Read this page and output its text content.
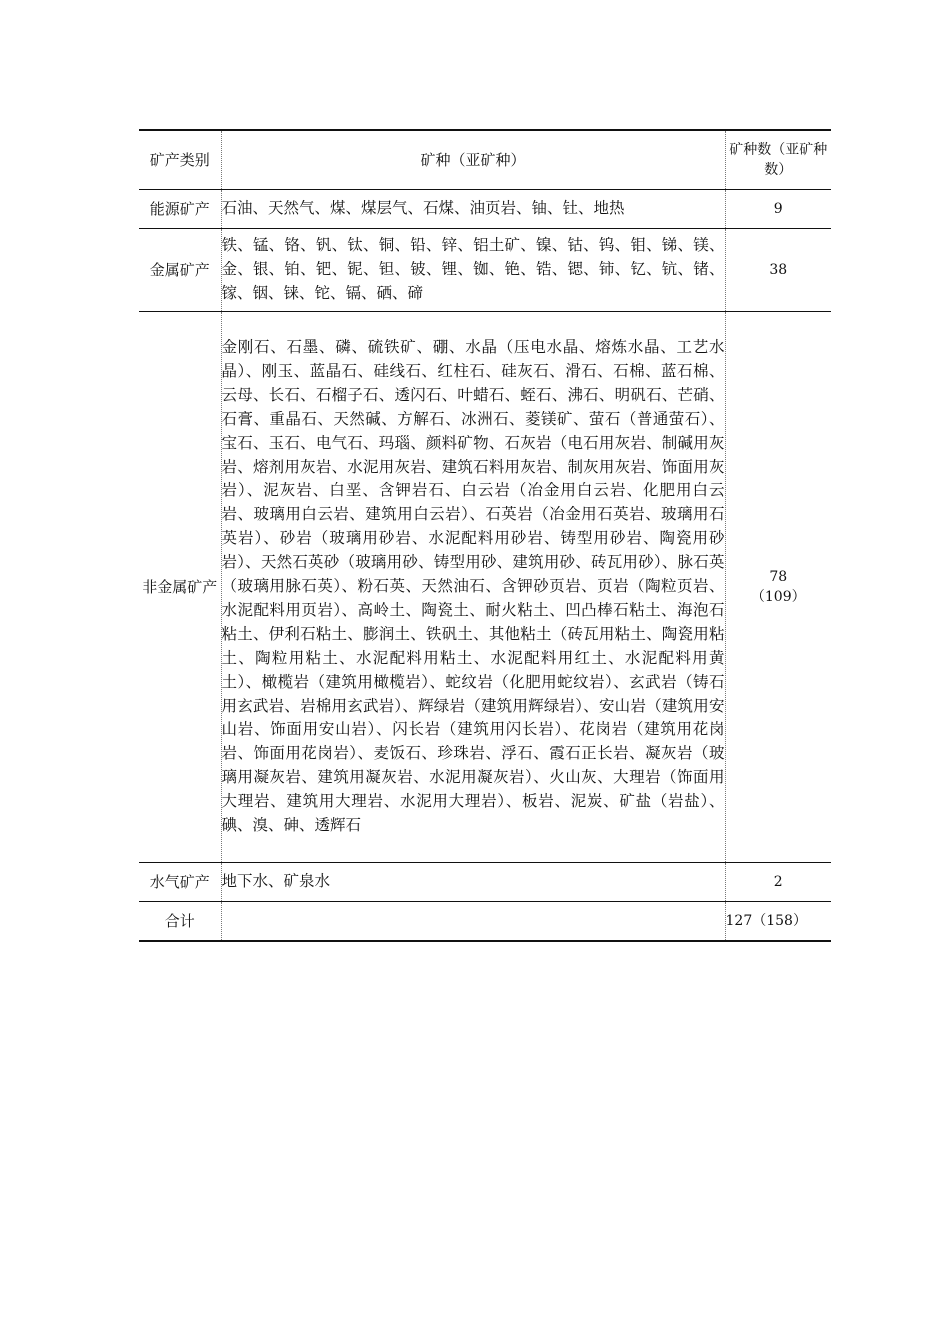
矿产类别	矿种（亚矿种）	矿种数（亚矿种数）
能源矿产	石油、天然气、煤、煤层气、石煤、油页岩、铀、钍、地热	9
金属矿产	铁、锰、铬、钒、钛、铜、铅、锌、铝土矿、镍、钴、钨、钼、锑、镁、金、银、铂、钯、铌、钽、铍、锂、铷、铯、锆、锶、铈、钇、钪、锗、镓、铟、铼、铊、镉、硒、碲	38
非金属矿产	金刚石、石墨、磷、硫铁矿、硼、水晶（压电水晶、熔炼水晶、工艺水晶）、刚玉、蓝晶石、硅线石、红柱石、硅灰石、滑石、石棉、蓝石棉、云母、长石、石榴子石、透闪石、叶蜡石、蛭石、沸石、明矾石、芒硝、石膏、重晶石、天然碱、方解石、冰洲石、菱镁矿、萤石（普通萤石）、宝石、玉石、电气石、玛瑙、颜料矿物、石灰岩（电石用灰岩、制碱用灰岩、熔剂用灰岩、水泥用灰岩、建筑石料用灰岩、制灰用灰岩、饰面用灰岩）、泥灰岩、白垩、含钾岩石、白云岩（冶金用白云岩、化肥用白云岩、玻璃用白云岩、建筑用白云岩）、石英岩（冶金用石英岩、玻璃用石英岩）、砂岩（玻璃用砂岩、水泥配料用砂岩、铸型用砂岩、陶瓷用砂岩）、天然石英砂（玻璃用砂、铸型用砂、建筑用砂、砖瓦用砂）、脉石英（玻璃用脉石英）、粉石英、天然油石、含钾砂页岩、页岩（陶粒页岩、水泥配料用页岩）、高岭土、陶瓷土、耐火粘土、凹凸棒石粘土、海泡石粘土、伊利石粘土、膨润土、铁矾土、其他粘土（砖瓦用粘土、陶瓷用粘土、陶粒用粘土、水泥配料用粘土、水泥配料用红土、水泥配料用黄土）、橄榄岩（建筑用橄榄岩）、蛇纹岩（化肥用蛇纹岩）、玄武岩（铸石用玄武岩、岩棉用玄武岩）、辉绿岩（建筑用辉绿岩）、安山岩（建筑用安山岩、饰面用安山岩）、闪长岩（建筑用闪长岩）、花岗岩（建筑用花岗岩、饰面用花岗岩）、麦饭石、珍珠岩、浮石、霞石正长岩、凝灰岩（玻璃用凝灰岩、建筑用凝灰岩、水泥用凝灰岩）、火山灰、大理岩（饰面用大理岩、建筑用大理岩、水泥用大理岩）、板岩、泥炭、矿盐（岩盐）、碘、溴、砷、透辉石	78
（109）

水气矿产	地下水、矿泉水	2
合计		127（158）
